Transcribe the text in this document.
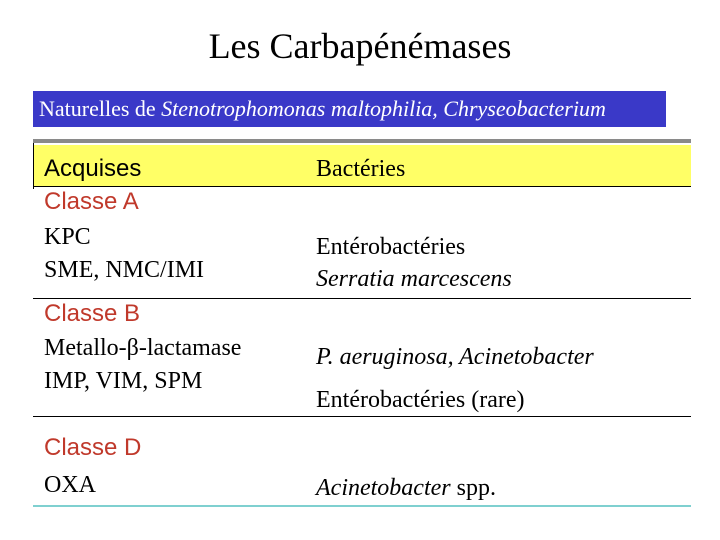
Les Carbapénémases
Naturelles de Stenotrophomonas maltophilia, Chryseobacterium
Acquises	Bactéries
Classe A
KPC
SME, NMC/IMI
Entérobactéries
Serratia marcescens
Classe B
Metallo-β-lactamase
IMP, VIM, SPM
P. aeruginosa, Acinetobacter
Entérobactéries (rare)
Classe D
OXA	Acinetobacter spp.
